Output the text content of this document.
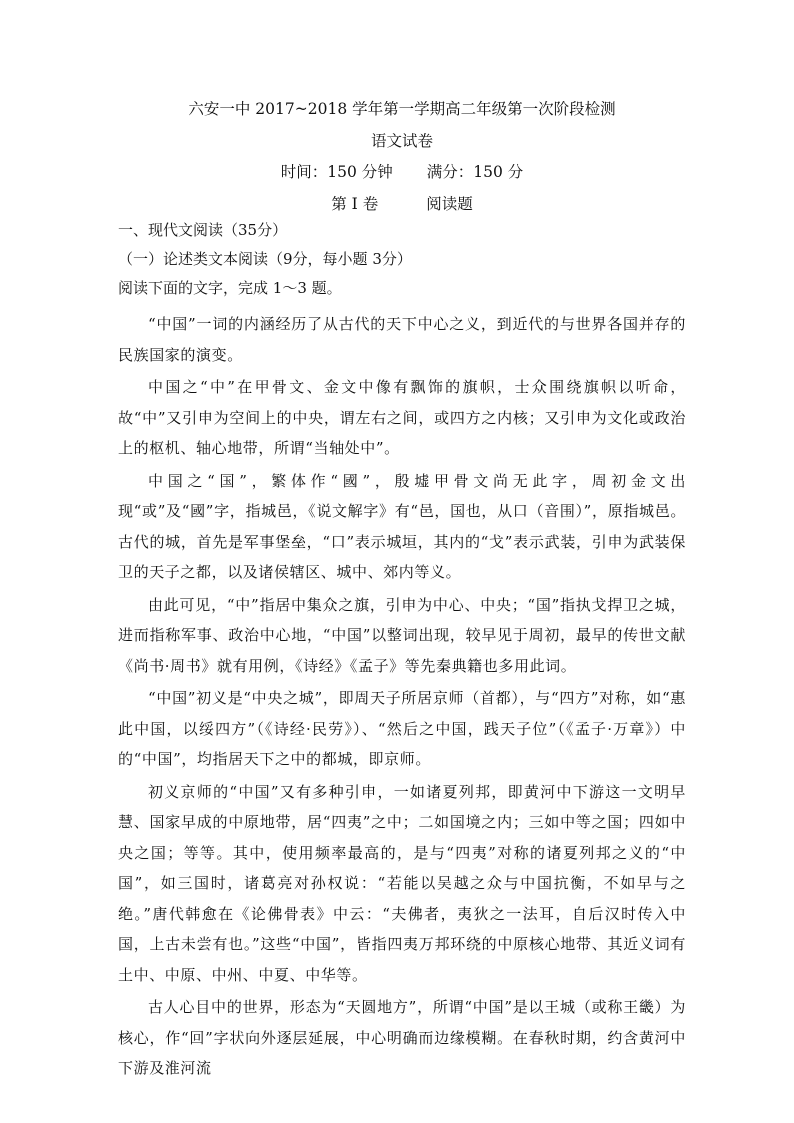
六安一中 2017~2018 学年第一学期高二年级第一次阶段检测
语文试卷
时间：150 分钟 满分：150 分
第 I 卷	阅读题
一、现代文阅读（35分）
（一）论述类文本阅读（9分，每小题 3分）
阅读下面的文字，完成 1～3 题。

“中国”一词的内涵经历了从古代的天下中心之义，到近代的与世界各国并存的民族国家的演变。

中国之“中”在甲骨文、金文中像有飘饰的旗帜，士众围绕旗帜以听命，故“中”又引申为空间上的中央，谓左右之间，或四方之内核；又引申为文化或政治上的枢机、轴心地带，所谓“当轴处中”。

中国之“国”，繁体作“國”，殷墟甲骨文尚无此字，周初金文出现“或”及“國”字，指城邑，《说文解字》有“邑，国也，从口（音围）”，原指城邑。古代的城，首先是军事堡垒，“口”表示城垣，其内的“戈”表示武装，引申为武装保卫的天子之都，以及诸侯辖区、城中、郊内等义。

由此可见，“中”指居中集众之旗，引申为中心、中央；“国”指执戈捍卫之城，进而指称军事、政治中心地，“中国”以整词出现，较早见于周初，最早的传世文献《尚书·周书》就有用例，《诗经》《孟子》等先秦典籍也多用此词。

“中国”初义是“中央之城”，即周天子所居京师（首都），与“四方”对称，如“惠此中国，以绥四方”（《诗经·民劳》）、“然后之中国，践天子位”（《孟子·万章》）中的“中国”，均指居天下之中的都城，即京师。

初义京师的“中国”又有多种引申，一如诸夏列邦，即黄河中下游这一文明早慧、国家早成的中原地带，居“四夷”之中；二如国境之内；三如中等之国；四如中央之国；等等。其中，使用频率最高的，是与“四夷”对称的诸夏列邦之义的“中国”，如三国时，诸葛亮对孙权说：“若能以吴越之众与中国抗衡，不如早与之绝。”唐代韩愈在《论佛骨表》中云：“夫佛者，夷狄之一法耳，自后汉时传入中国，上古未尝有也。”这些“中国”，皆指四夷万邦环绕的中原核心地带、其近义词有土中、中原、中州、中夏、中华等。

古人心目中的世界，形态为“天圆地方”，所谓“中国”是以王城（或称王畿）为核心，作“回”字状向外逐层延展，中心明确而边缘模糊。在春秋时期，约含黄河中下游及淮河流
